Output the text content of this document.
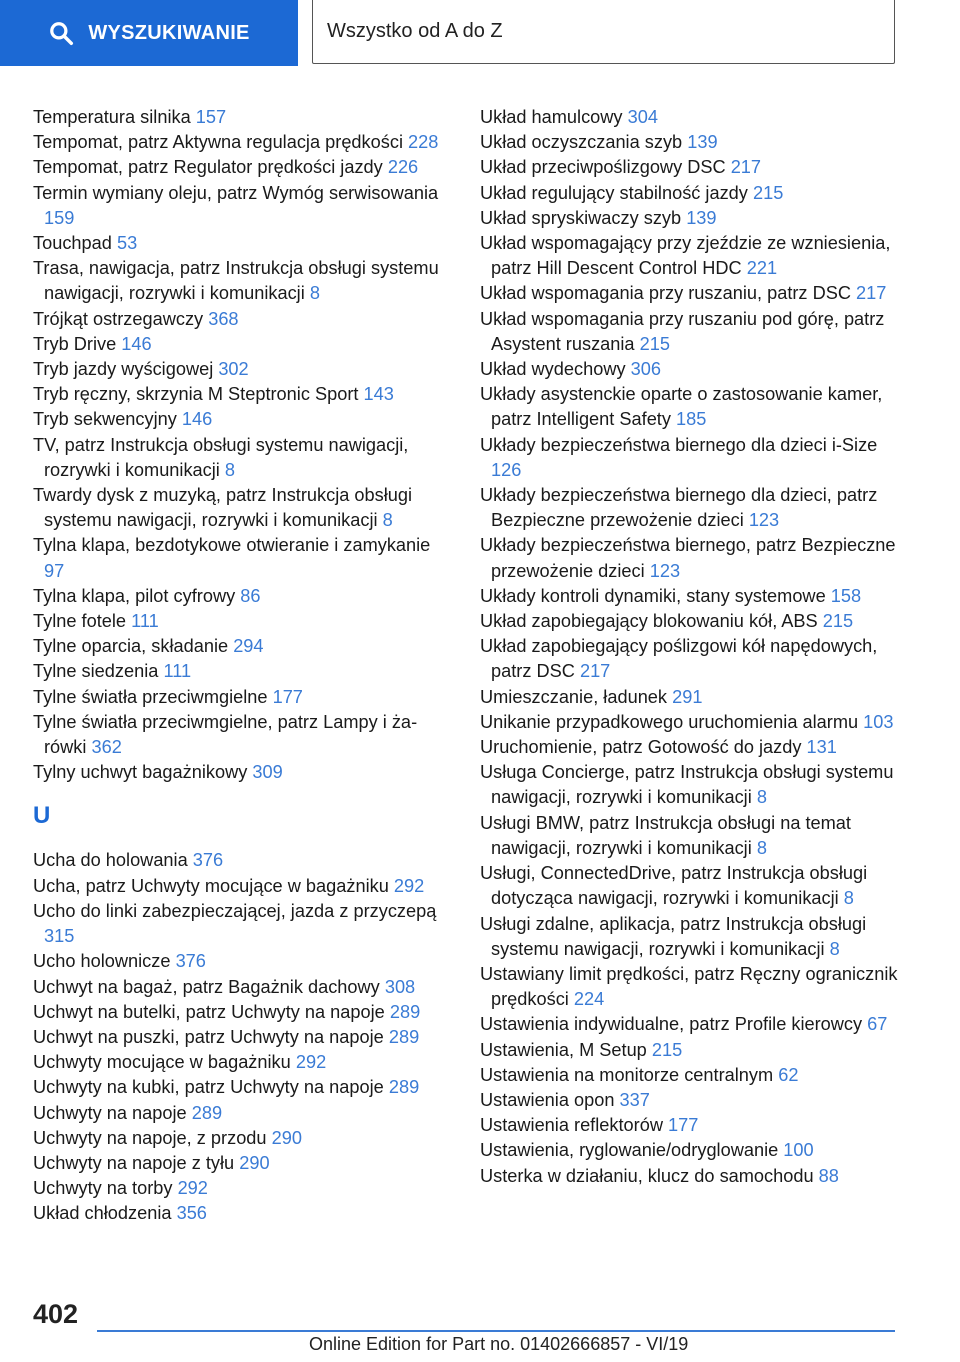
WYSZUKIWANIE	Wszystko od A do Z
Temperatura silnika 157
Tempomat, patrz Aktywna regulacja prędkości 228
Tempomat, patrz Regulator prędkości jazdy 226
Termin wymiany oleju, patrz Wymóg serwisowania 159
Touchpad 53
Trasa, nawigacja, patrz Instrukcja obsługi systemu nawigacji, rozrywki i komunikacji 8
Trójkąt ostrzegawczy 368
Tryb Drive 146
Tryb jazdy wyścigowej 302
Tryb ręczny, skrzynia M Steptronic Sport 143
Tryb sekwencyjny 146
TV, patrz Instrukcja obsługi systemu nawigacji, rozrywki i komunikacji 8
Twardy dysk z muzyką, patrz Instrukcja obsługi systemu nawigacji, rozrywki i komunikacji 8
Tylna klapa, bezdotykowe otwieranie i zamykanie 97
Tylna klapa, pilot cyfrowy 86
Tylne fotele 111
Tylne oparcia, składanie 294
Tylne siedzenia 111
Tylne światła przeciwmgielne 177
Tylne światła przeciwmgielne, patrz Lampy i żarówki 362
Tylny uchwyt bagażnikowy 309
U
Ucha do holowania 376
Ucha, patrz Uchwyty mocujące w bagażniku 292
Ucho do linki zabezpieczającej, jazda z przyczepą 315
Ucho holownicze 376
Uchwyt na bagaż, patrz Bagażnik dachowy 308
Uchwyt na butelki, patrz Uchwyty na napoje 289
Uchwyt na puszki, patrz Uchwyty na napoje 289
Uchwyty mocujące w bagażniku 292
Uchwyty na kubki, patrz Uchwyty na napoje 289
Uchwyty na napoje 289
Uchwyty na napoje, z przodu 290
Uchwyty na napoje z tyłu 290
Uchwyty na torby 292
Układ chłodzenia 356
Układ hamulcowy 304
Układ oczyszczania szyb 139
Układ przeciwpoślizgowy DSC 217
Układ regulujący stabilność jazdy 215
Układ spryskiwaczy szyb 139
Układ wspomagający przy zjeździe ze wzniesienia, patrz Hill Descent Control HDC 221
Układ wspomagania przy ruszaniu, patrz DSC 217
Układ wspomagania przy ruszaniu pod górę, patrz Asystent ruszania 215
Układ wydechowy 306
Układy asystenckie oparte o zastosowanie kamer, patrz Intelligent Safety 185
Układy bezpieczeństwa biernego dla dzieci i-Size 126
Układy bezpieczeństwa biernego dla dzieci, patrz Bezpieczne przewożenie dzieci 123
Układy bezpieczeństwa biernego, patrz Bezpieczne przewożenie dzieci 123
Układy kontroli dynamiki, stany systemowe 158
Układ zapobiegający blokowaniu kół, ABS 215
Układ zapobiegający poślizgowi kół napędowych, patrz DSC 217
Umieszczanie, ładunek 291
Unikanie przypadkowego uruchomienia alarmu 103
Uruchomienie, patrz Gotowość do jazdy 131
Usługa Concierge, patrz Instrukcja obsługi systemu nawigacji, rozrywki i komunikacji 8
Usługi BMW, patrz Instrukcja obsługi na temat nawigacji, rozrywki i komunikacji 8
Usługi, ConnectedDrive, patrz Instrukcja obsługi dotycząca nawigacji, rozrywki i komunikacji 8
Usługi zdalne, aplikacja, patrz Instrukcja obsługi systemu nawigacji, rozrywki i komunikacji 8
Ustawiany limit prędkości, patrz Ręczny ogranicznik prędkości 224
Ustawienia indywidualne, patrz Profile kierowcy 67
Ustawienia, M Setup 215
Ustawienia na monitorze centralnym 62
Ustawienia opon 337
Ustawienia reflektorów 177
Ustawienia, ryglowanie/odryglowanie 100
Usterka w działaniu, klucz do samochodu 88
402
Online Edition for Part no. 01402666857 - VI/19
